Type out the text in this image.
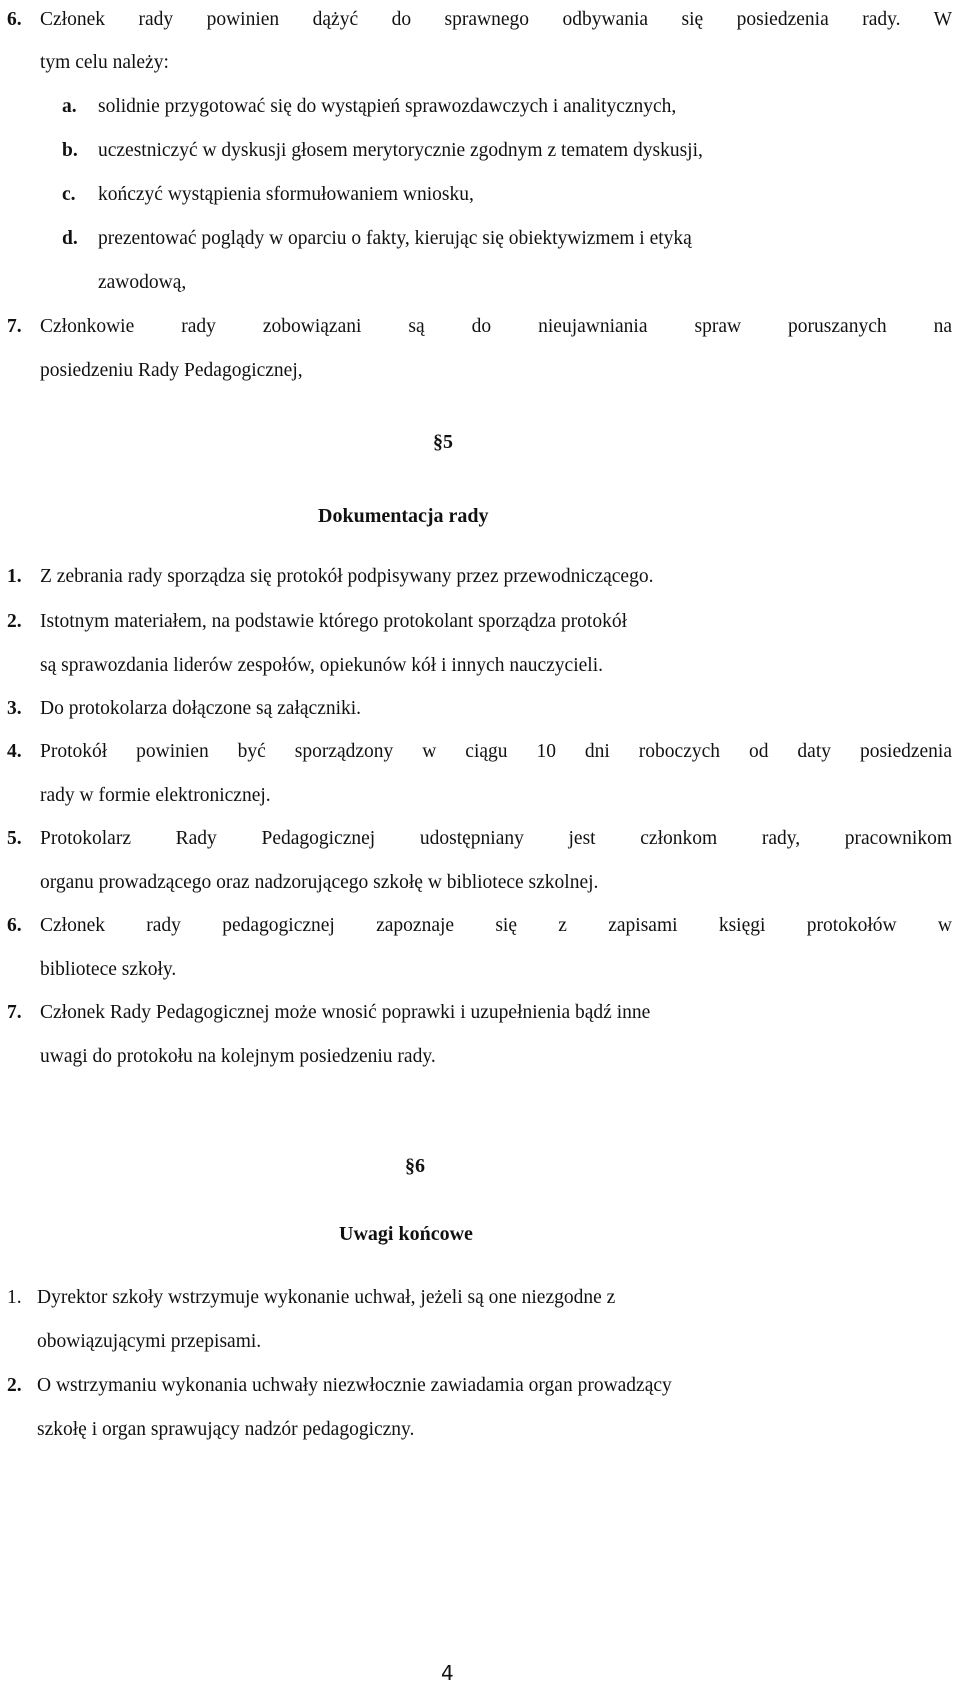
6. Członek rady powinien dążyć do sprawnego odbywania się posiedzenia rady. W
tym celu należy:
a. solidnie przygotować się do wystąpień sprawozdawczych i analitycznych,
b. uczestniczyć w dyskusji głosem merytorycznie zgodnym z tematem dyskusji,
c. kończyć wystąpienia sformułowaniem wniosku,
d. prezentować poglądy w oparciu o fakty, kierując się obiektywizmem i etyką
zawodową,
7. Członkowie rady zobowiązani są do nieujawniania spraw poruszanych na
posiedzeniu Rady Pedagogicznej,
§5
Dokumentacja rady
1. Z zebrania rady sporządza się protokół podpisywany przez przewodniczącego.
2. Istotnym materiałem, na podstawie którego protokolant sporządza protokół
są sprawozdania liderów zespołów, opiekunów kół i innych nauczycieli.
3. Do protokolarza dołączone są załączniki.
4. Protokół powinien być sporządzony w ciągu 10 dni roboczych od daty posiedzenia
rady w formie elektronicznej.
5. Protokolarz Rady Pedagogicznej udostępniany jest członkom rady, pracownikom
organu prowadzącego oraz nadzorującego szkołę w bibliotece szkolnej.
6. Członek rady pedagogicznej zapoznaje się z zapisami księgi protokołów w
bibliotece szkoły.
7. Członek Rady Pedagogicznej może wnosić poprawki i uzupełnienia bądź inne
uwagi do protokołu na kolejnym posiedzeniu rady.
§6
Uwagi końcowe
1. Dyrektor szkoły wstrzymuje wykonanie uchwał, jeżeli są one niezgodne z
obowiązującymi przepisami.
2. O wstrzymaniu wykonania uchwały niezwłocznie zawiadamia organ prowadzący
szkołę i organ sprawujący nadzór pedagogiczny.
4
